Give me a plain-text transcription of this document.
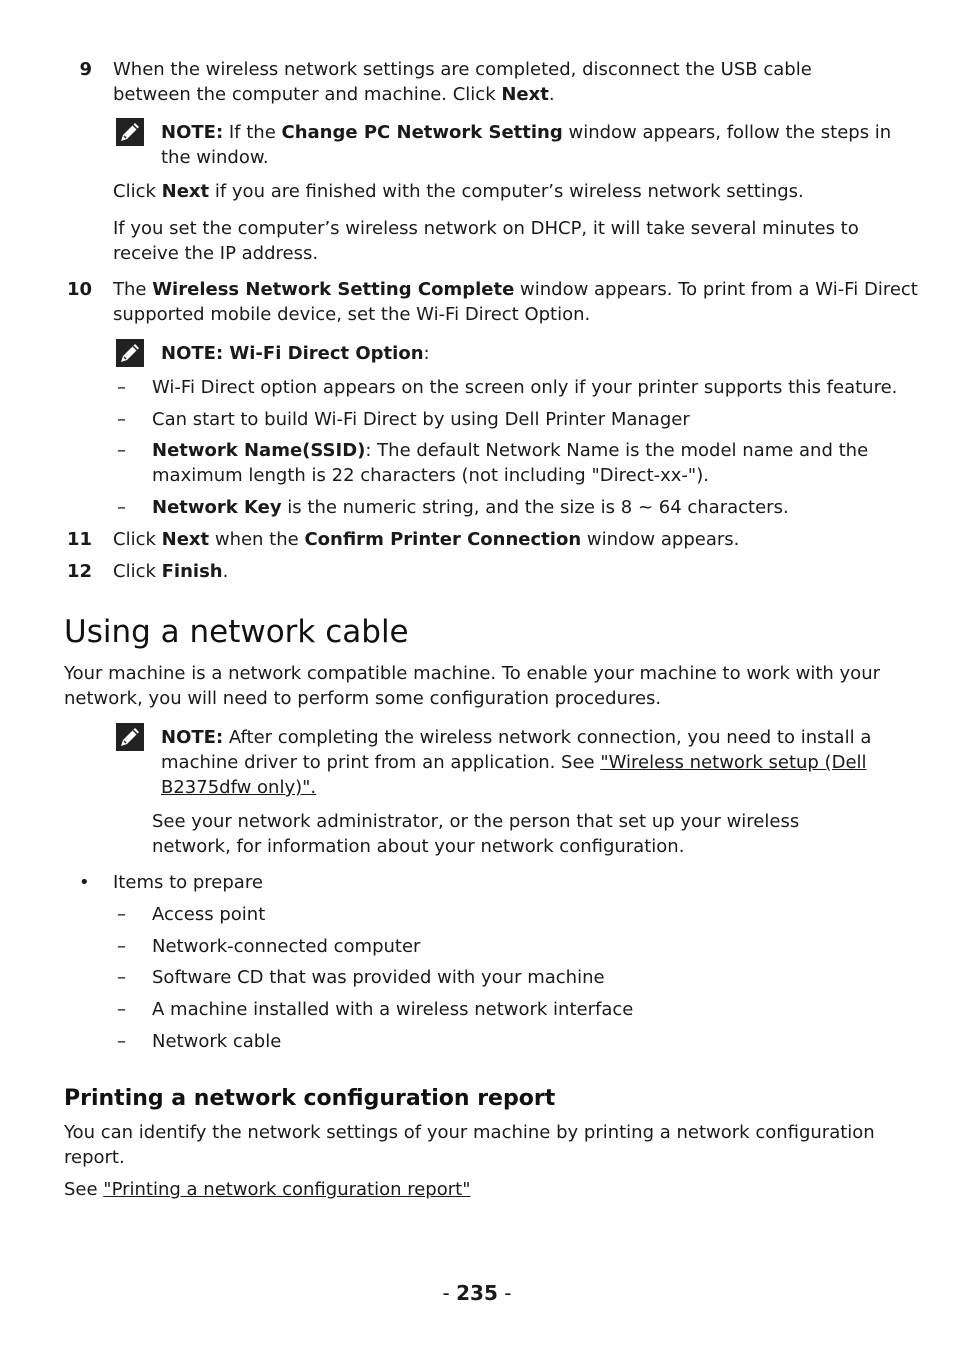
9 When the wireless network settings are completed, disconnect the USB cable
between the computer and machine. Click Next.
NOTE: If the Change PC Network Setting window appears, follow the steps in
the window.
Click Next if you are finished with the computer’s wireless network settings.
If you set the computer’s wireless network on DHCP, it will take several minutes to
receive the IP address.
10 The Wireless Network Setting Complete window appears. To print from a Wi-Fi Direct
supported mobile device, set the Wi-Fi Direct Option.
NOTE: Wi-Fi Direct Option:
– Wi-Fi Direct option appears on the screen only if your printer supports this feature.
– Can start to build Wi-Fi Direct by using Dell Printer Manager
– Network Name(SSID): The default Network Name is the model name and the
maximum length is 22 characters (not including "Direct-xx-").
– Network Key is the numeric string, and the size is 8 ~ 64 characters.
11 Click Next when the Confirm Printer Connection window appears.
12 Click Finish.
Using a network cable
Your machine is a network compatible machine. To enable your machine to work with your
network, you will need to perform some configuration procedures.
NOTE: After completing the wireless network connection, you need to install a
machine driver to print from an application. See "Wireless network setup (Dell
B2375dfw only)".
See your network administrator, or the person that set up your wireless
network, for information about your network configuration.
• Items to prepare
– Access point
– Network-connected computer
– Software CD that was provided with your machine
– A machine installed with a wireless network interface
– Network cable
Printing a network configuration report
You can identify the network settings of your machine by printing a network configuration
report.
See "Printing a network configuration report"
- 235 -
